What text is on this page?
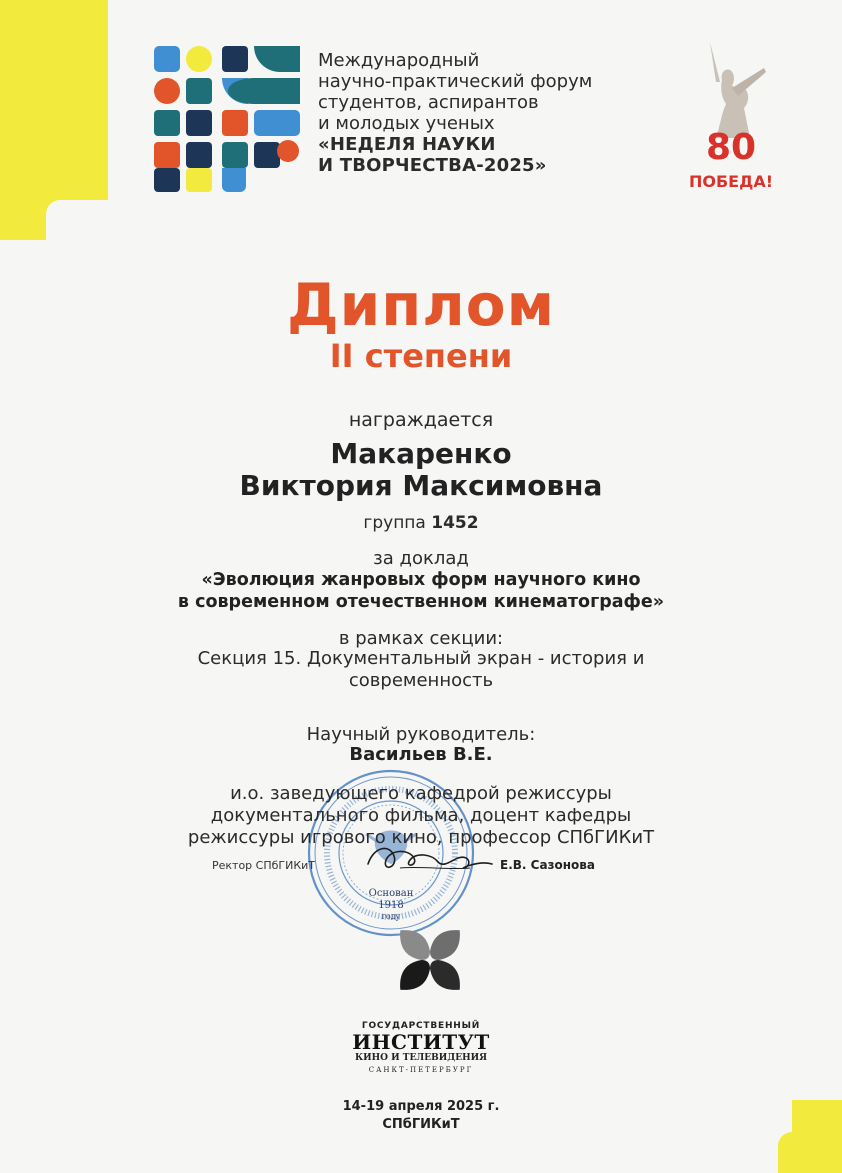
Международный
научно-практический форум
студентов, аспирантов
и молодых ученых
«НЕДЕЛЯ НАУКИ
И ТВОРЧЕСТВА-2025»	80
ПОБЕДА!
Диплом
II степени
награждается
Макаренко
Виктория Максимовна
группа 1452
за доклад
«Эволюция жанровых форм научного кино
в современном отечественном кинематографе»
в рамках секции:
Секция 15. Документальный экран - история и
современность
Основан
1918
году
Научный руководитель:
Васильев В.Е.
и.о. заведующего кафедрой режиссуры
документального фильма, доцент кафедры
режиссуры игрового кино, профессор СПбГИКиТ
Ректор СПбГИКиТ	Е.В. Сазонова
ГОСУДАРСТВЕННЫЙ
ИНСТИТУТ
КИНО И ТЕЛЕВИДЕНИЯ
САНКТ-ПЕТЕРБУРГ
14-19 апреля 2025 г.
СПбГИКиТ
